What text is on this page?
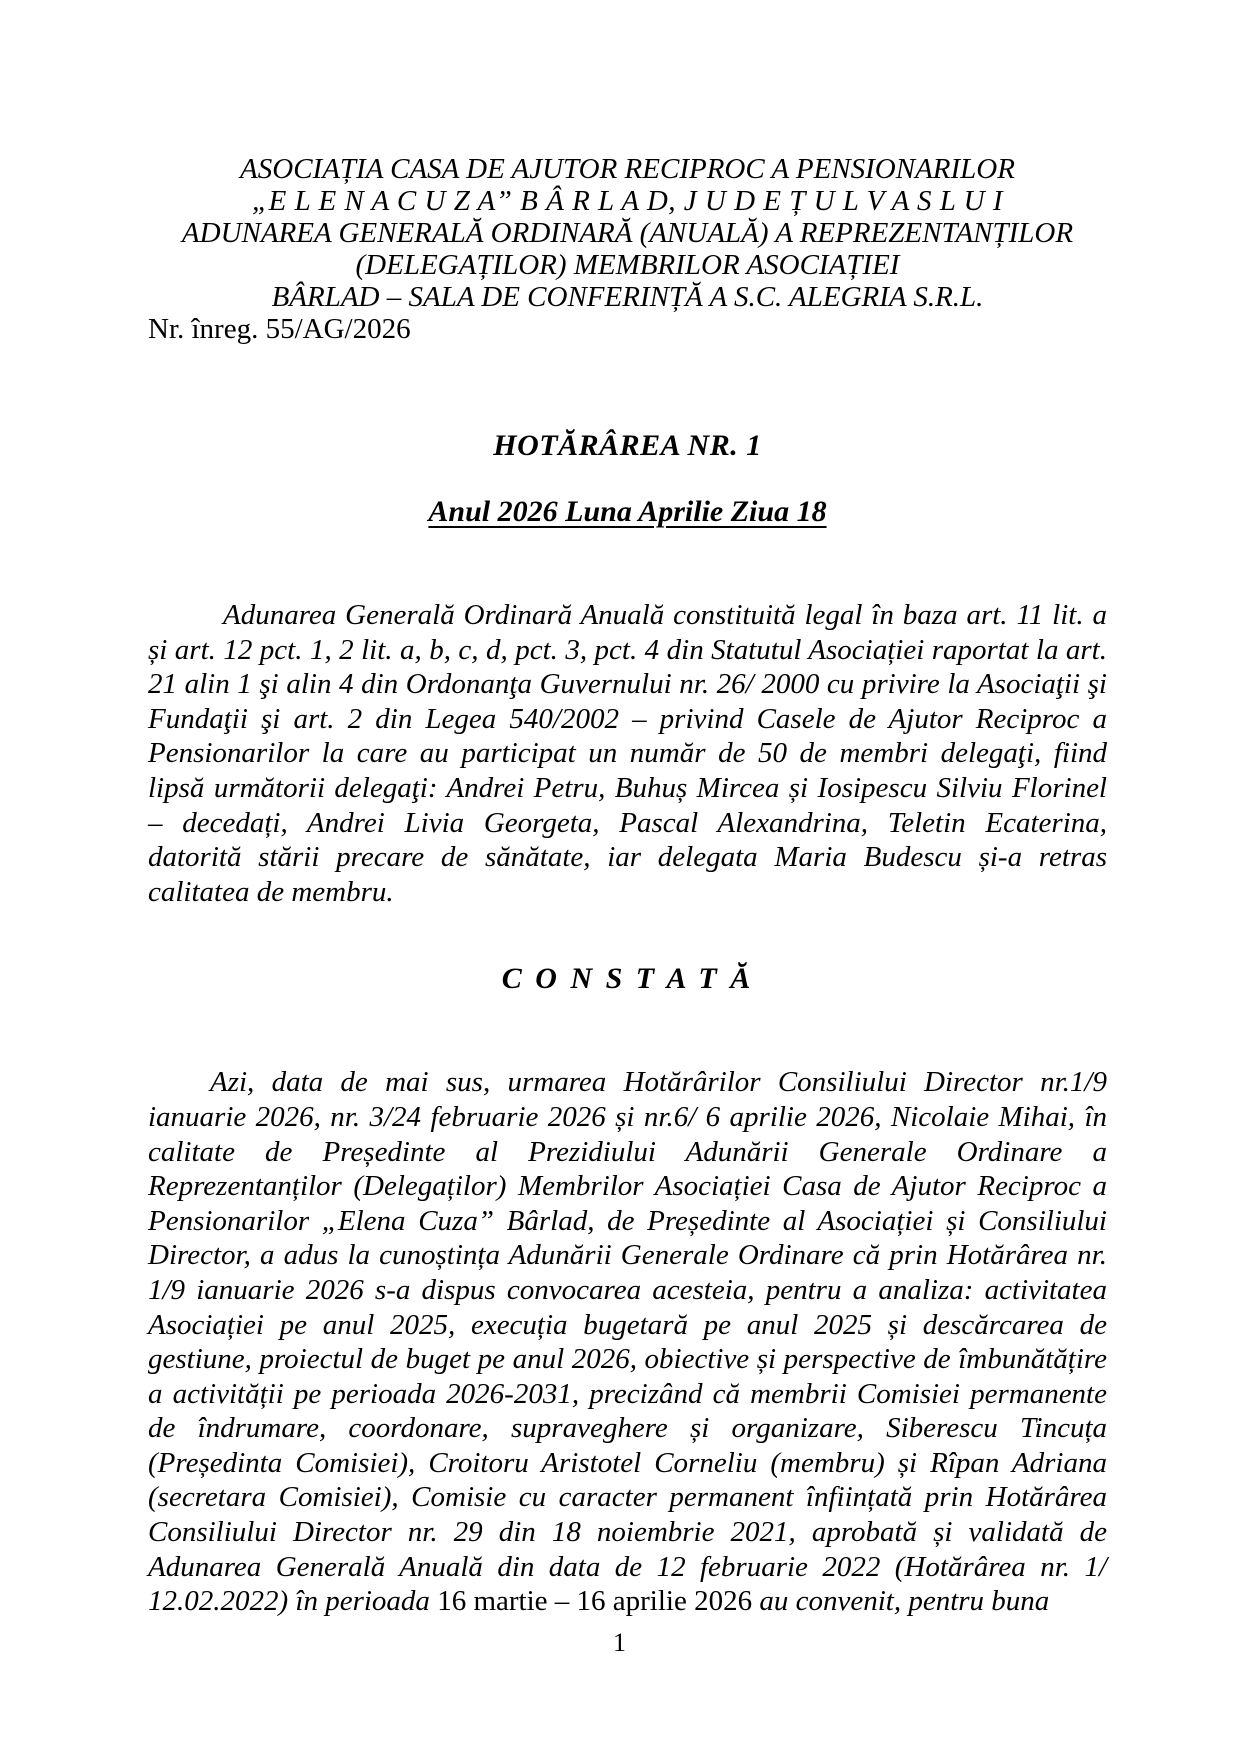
ASOCIAȚIA CASA DE AJUTOR RECIPROC A PENSIONARILOR
„E L E N A C U Z A” B Â R L A D, J U D E Ț U L V A S L U I
ADUNAREA GENERALĂ ORDINARĂ (ANUALĂ) A REPREZENTANȚILOR
(DELEGAȚILOR) MEMBRILOR ASOCIAȚIEI
BÂRLAD – SALA DE CONFERINȚĂ A S.C. ALEGRIA S.R.L.
Nr. înreg. 55/AG/2026
HOTĂRÂREA NR. 1
Anul 2026 Luna Aprilie Ziua 18

Adunarea Generală Ordinară Anuală constituită legal în baza art. 11 lit. a și art. 12 pct. 1, 2 lit. a, b, c, d, pct. 3, pct. 4 din Statutul Asociației raportat la art. 21 alin 1 şi alin 4 din Ordonanţa Guvernului nr. 26/ 2000 cu privire la Asociaţii şi Fundaţii şi art. 2 din Legea 540/2002 – privind Casele de Ajutor Reciproc a Pensionarilor la care au participat un număr de 50 de membri delegaţi, fiind lipsă următorii delegaţi: Andrei Petru, Buhuș Mircea și Iosipescu Silviu Florinel – decedați, Andrei Livia Georgeta, Pascal Alexandrina, Teletin Ecaterina, datorită stării precare de sănătate, iar delegata Maria Budescu și-a retras calitatea de membru.

C O N S T A T Ă

Azi, data de mai sus, urmarea Hotărârilor Consiliului Director nr.1/9 ianuarie 2026, nr. 3/24 februarie 2026 și nr.6/ 6 aprilie 2026, Nicolaie Mihai, în calitate de Președinte al Prezidiului Adunării Generale Ordinare a Reprezentanților (Delegaților) Membrilor Asociației Casa de Ajutor Reciproc a Pensionarilor „Elena Cuza” Bârlad, de Președinte al Asociației și Consiliului Director, a adus la cunoștința Adunării Generale Ordinare că prin Hotărârea nr. 1/9 ianuarie 2026 s-a dispus convocarea acesteia, pentru a analiza: activitatea Asociației pe anul 2025, execuția bugetară pe anul 2025 și descărcarea de gestiune, proiectul de buget pe anul 2026, obiective și perspective de îmbunătățire a activității pe perioada 2026-2031, precizând că membrii Comisiei permanente de îndrumare, coordonare, supraveghere și organizare, Siberescu Tincuța (Președinta Comisiei), Croitoru Aristotel Corneliu (membru) și Rîpan Adriana (secretara Comisiei), Comisie cu caracter permanent înființată prin Hotărârea Consiliului Director nr. 29 din 18 noiembrie 2021, aprobată și validată de Adunarea Generală Anuală din data de 12 februarie 2022 (Hotărârea nr. 1/ 12.02.2022) în perioada 16 martie – 16 aprilie 2026 au convenit, pentru buna

1
